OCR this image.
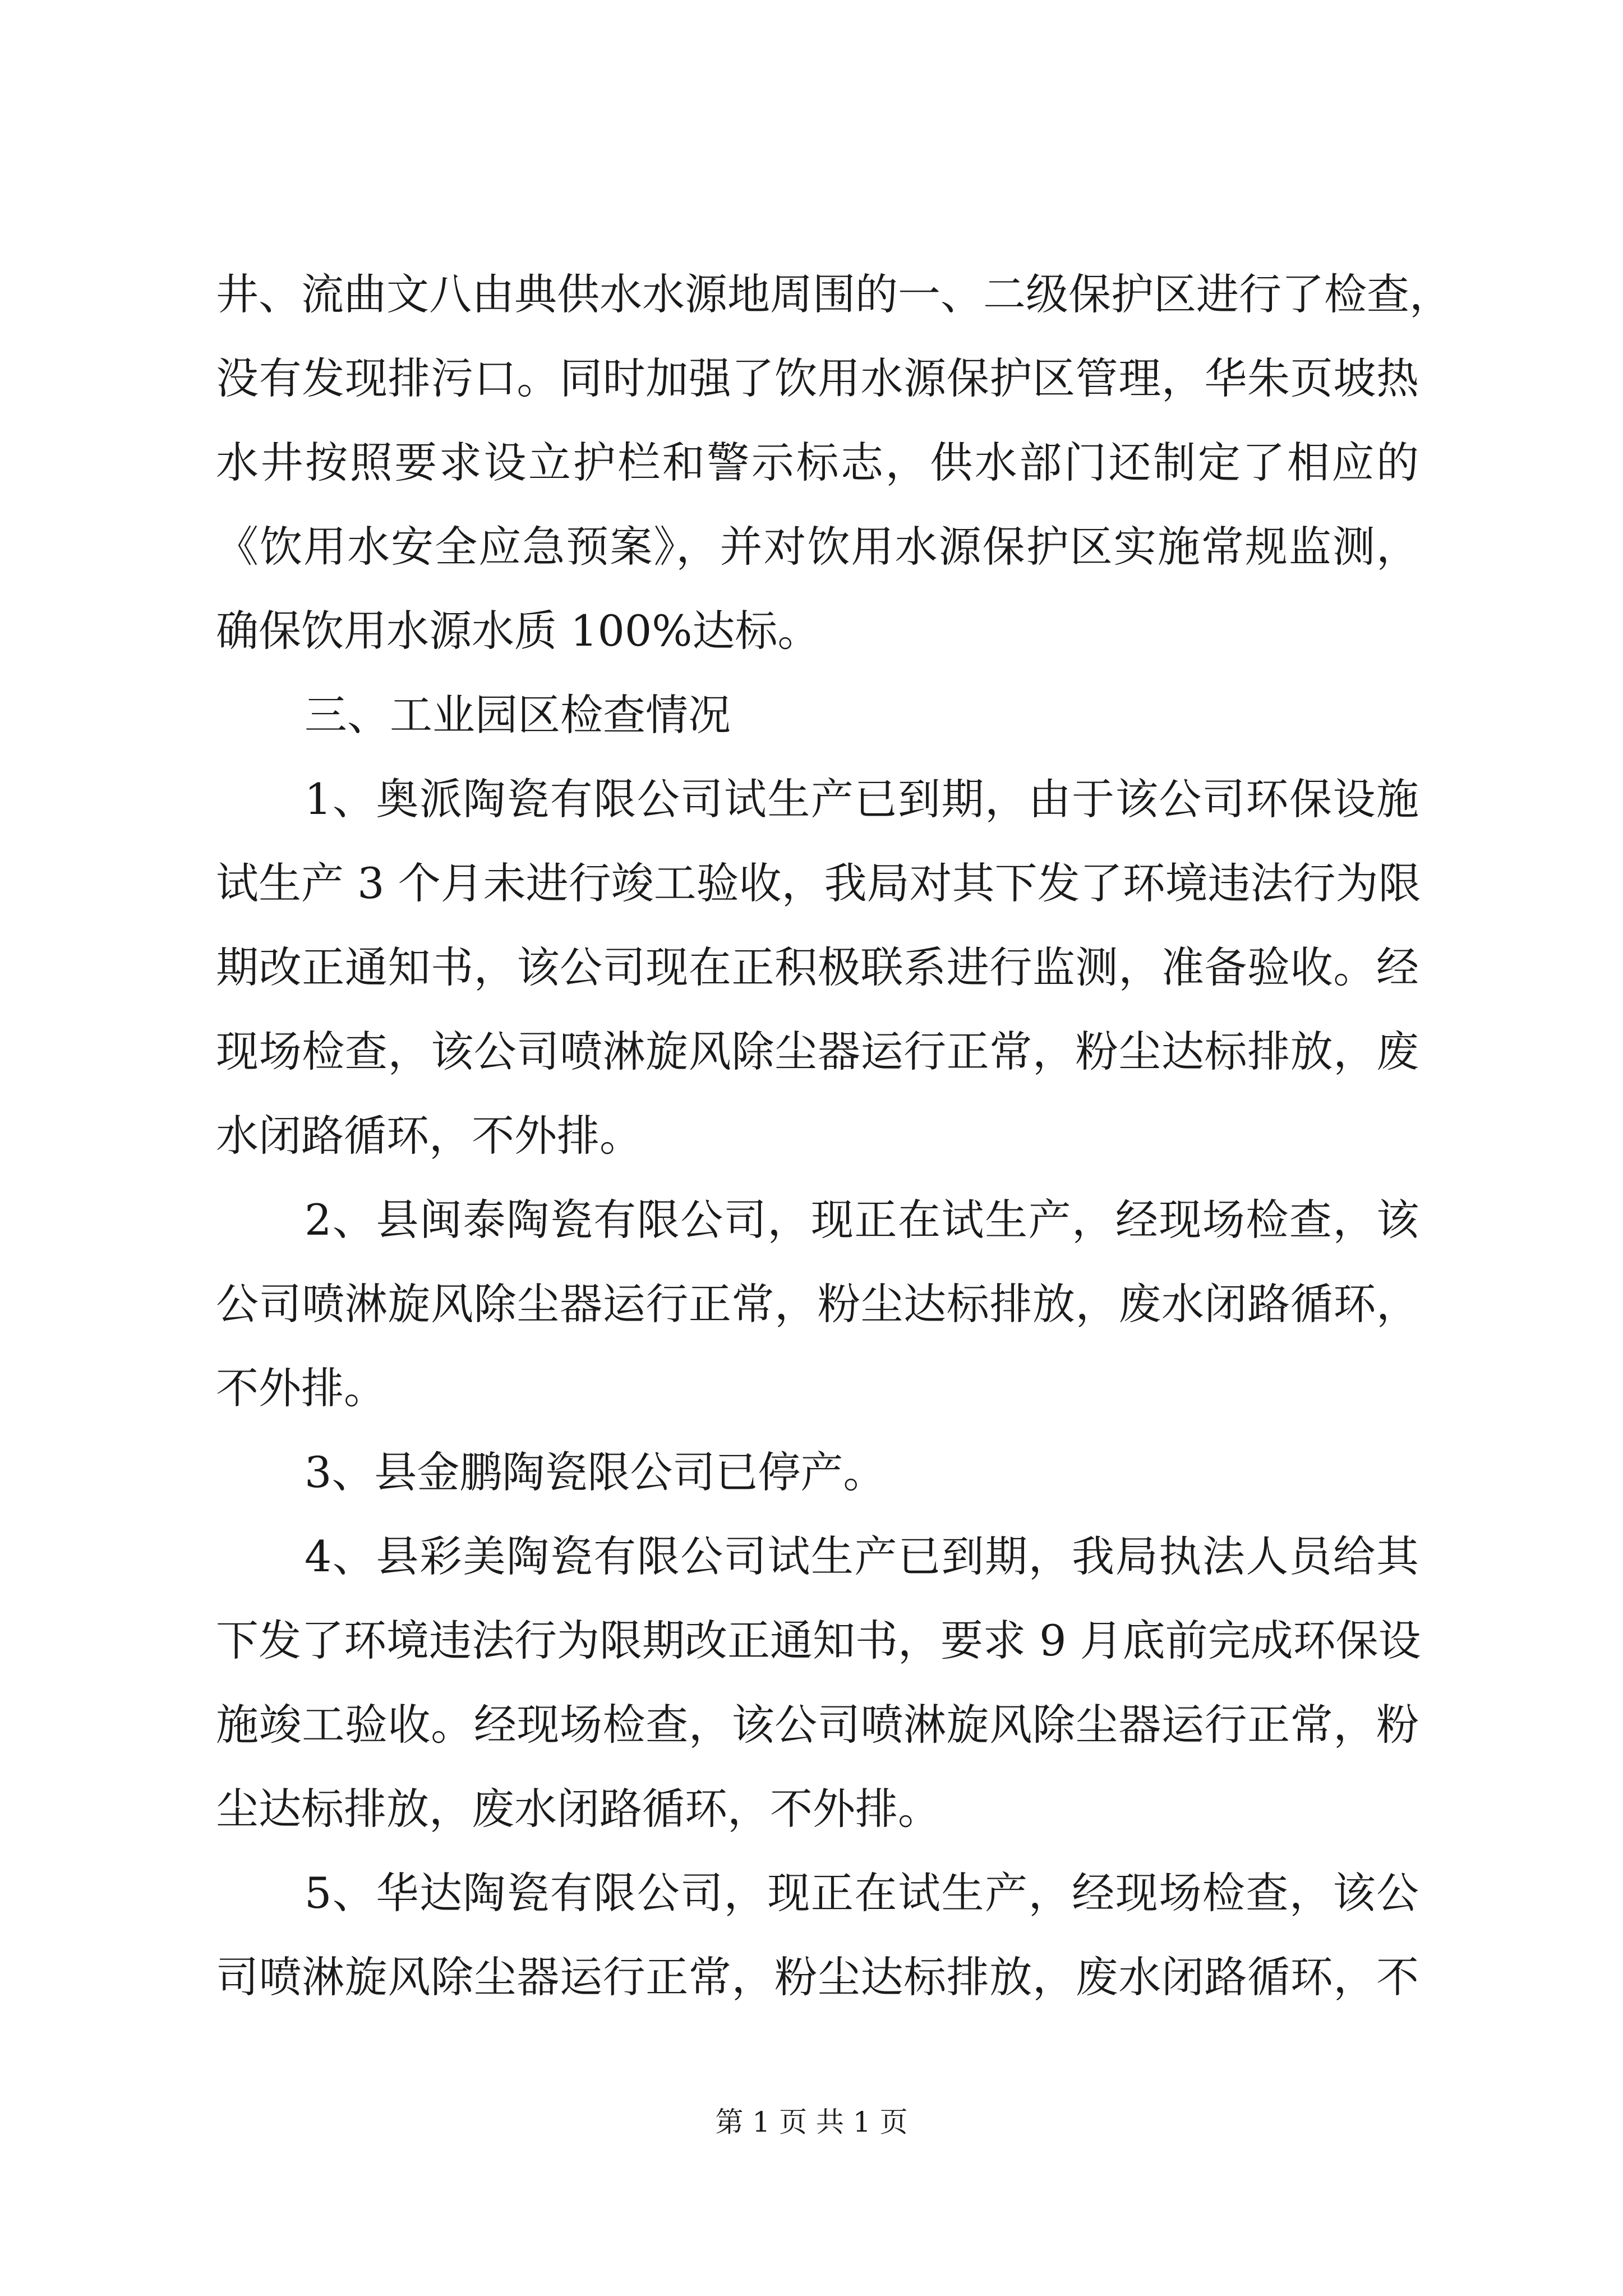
井、流曲文八由典供水水源地周围的一、二级保护区进行了检查，
没有发现排污口。同时加强了饮用水源保护区管理，华朱页坡热
水井按照要求设立护栏和警示标志，供水部门还制定了相应的
《饮用水安全应急预案》，并对饮用水源保护区实施常规监测，
确保饮用水源水质 100%达标。
三、工业园区检查情况
1、奥派陶瓷有限公司试生产已到期，由于该公司环保设施
试生产 3 个月未进行竣工验收，我局对其下发了环境违法行为限
期改正通知书，该公司现在正积极联系进行监测，准备验收。经
现场检查，该公司喷淋旋风除尘器运行正常，粉尘达标排放，废
水闭路循环，不外排。
2、县闽泰陶瓷有限公司，现正在试生产，经现场检查，该
公司喷淋旋风除尘器运行正常，粉尘达标排放，废水闭路循环，
不外排。
3、县金鹏陶瓷限公司已停产。
4、县彩美陶瓷有限公司试生产已到期，我局执法人员给其
下发了环境违法行为限期改正通知书，要求 9 月底前完成环保设
施竣工验收。经现场检查，该公司喷淋旋风除尘器运行正常，粉
尘达标排放，废水闭路循环，不外排。
5、华达陶瓷有限公司，现正在试生产，经现场检查，该公
司喷淋旋风除尘器运行正常，粉尘达标排放，废水闭路循环，不
第 1 页 共 1 页
